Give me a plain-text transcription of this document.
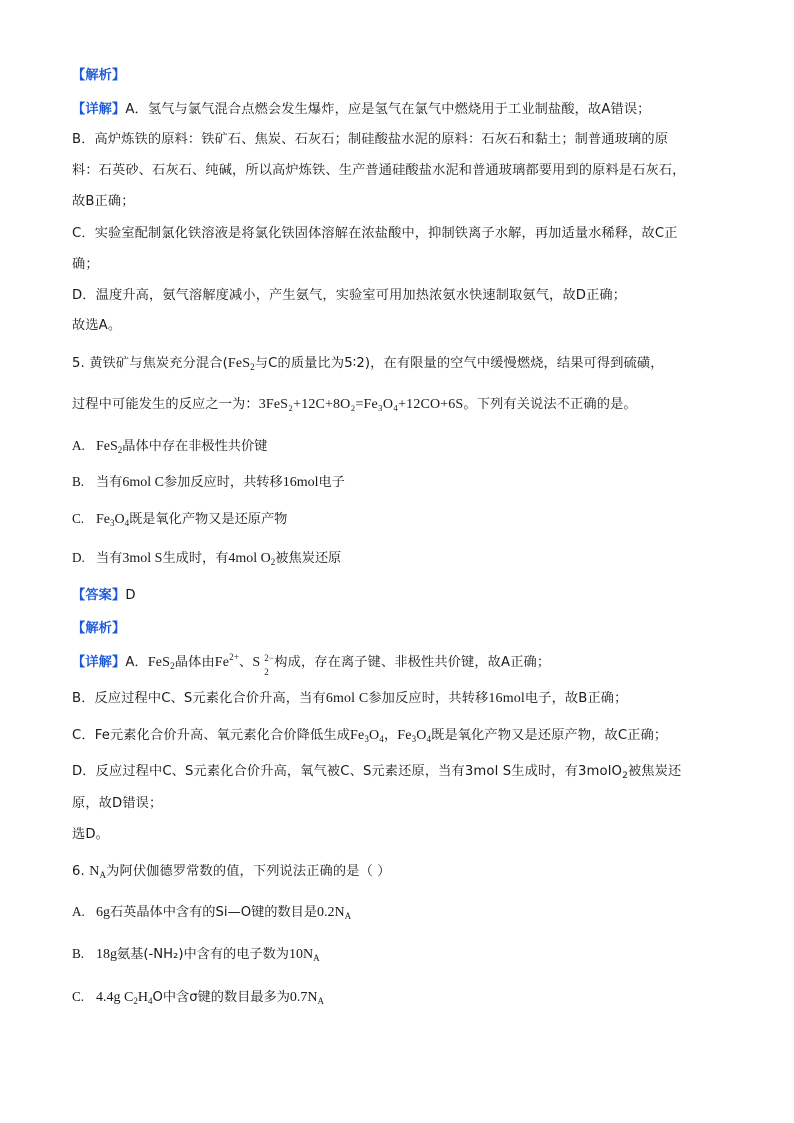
【解析】
【详解】A．氢气与氯气混合点燃会发生爆炸，应是氢气在氯气中燃烧用于工业制盐酸，故A错误；
B．高炉炼铁的原料：铁矿石、焦炭、石灰石；制硅酸盐水泥的原料：石灰石和黏土；制普通玻璃的原
料：石英砂、石灰石、纯碱，所以高炉炼铁、生产普通硅酸盐水泥和普通玻璃都要用到的原料是石灰石，
故B正确；
C．实验室配制氯化铁溶液是将氯化铁固体溶解在浓盐酸中，抑制铁离子水解，再加适量水稀释，故C正
确；
D．温度升高，氨气溶解度减小，产生氨气，实验室可用加热浓氨水快速制取氨气，故D正确；
故选A。
5. 黄铁矿与焦炭充分混合(FeS$_2$与C的质量比为5∶2)，在有限量的空气中缓慢燃烧，结果可得到硫磺，
过程中可能发生的反应之一为：3FeS₂+12C+8O₂=Fe₃O₄+12CO+6S。下列有关说法不正确的是。
A. FeS$_2$晶体中存在非极性共价键
B. 当有6mol C参加反应时，共转移16mol电子
C. $Fe_3O_4$既是氧化产物又是还原产物
D. 当有3mol S生成时，有4mol $O_2$被焦炭还原
【答案】D
【解析】
【详解】A．FeS$_2$晶体由$Fe^{2+}$、S 2−
2
构成，存在离子键、非极性共价键，故A正确；
B．反应过程中C、S元素化合价升高，当有6mol C参加反应时，共转移16mol电子，故B正确；
C．Fe元素化合价升高、氧元素化合价降低生成$Fe_3O_4$，$Fe_3O_4$既是氧化产物又是还原产物，故C正确；
D．反应过程中C、S元素化合价升高，氧气被C、S元素还原，当有3mol S生成时，有3molO$_2$被焦炭还
原，故D错误；
选D。
6. $N_A$为阿伏伽德罗常数的值，下列说法正确的是（ ）
A. 6g石英晶体中含有的Si—O键的数目是$0.2N_A$
B. 18g氨基(-NH₂)中含有的电子数为$10N_A$
C. 4.4g $C_2H_4O$中含σ键的数目最多为$0.7N_A$
